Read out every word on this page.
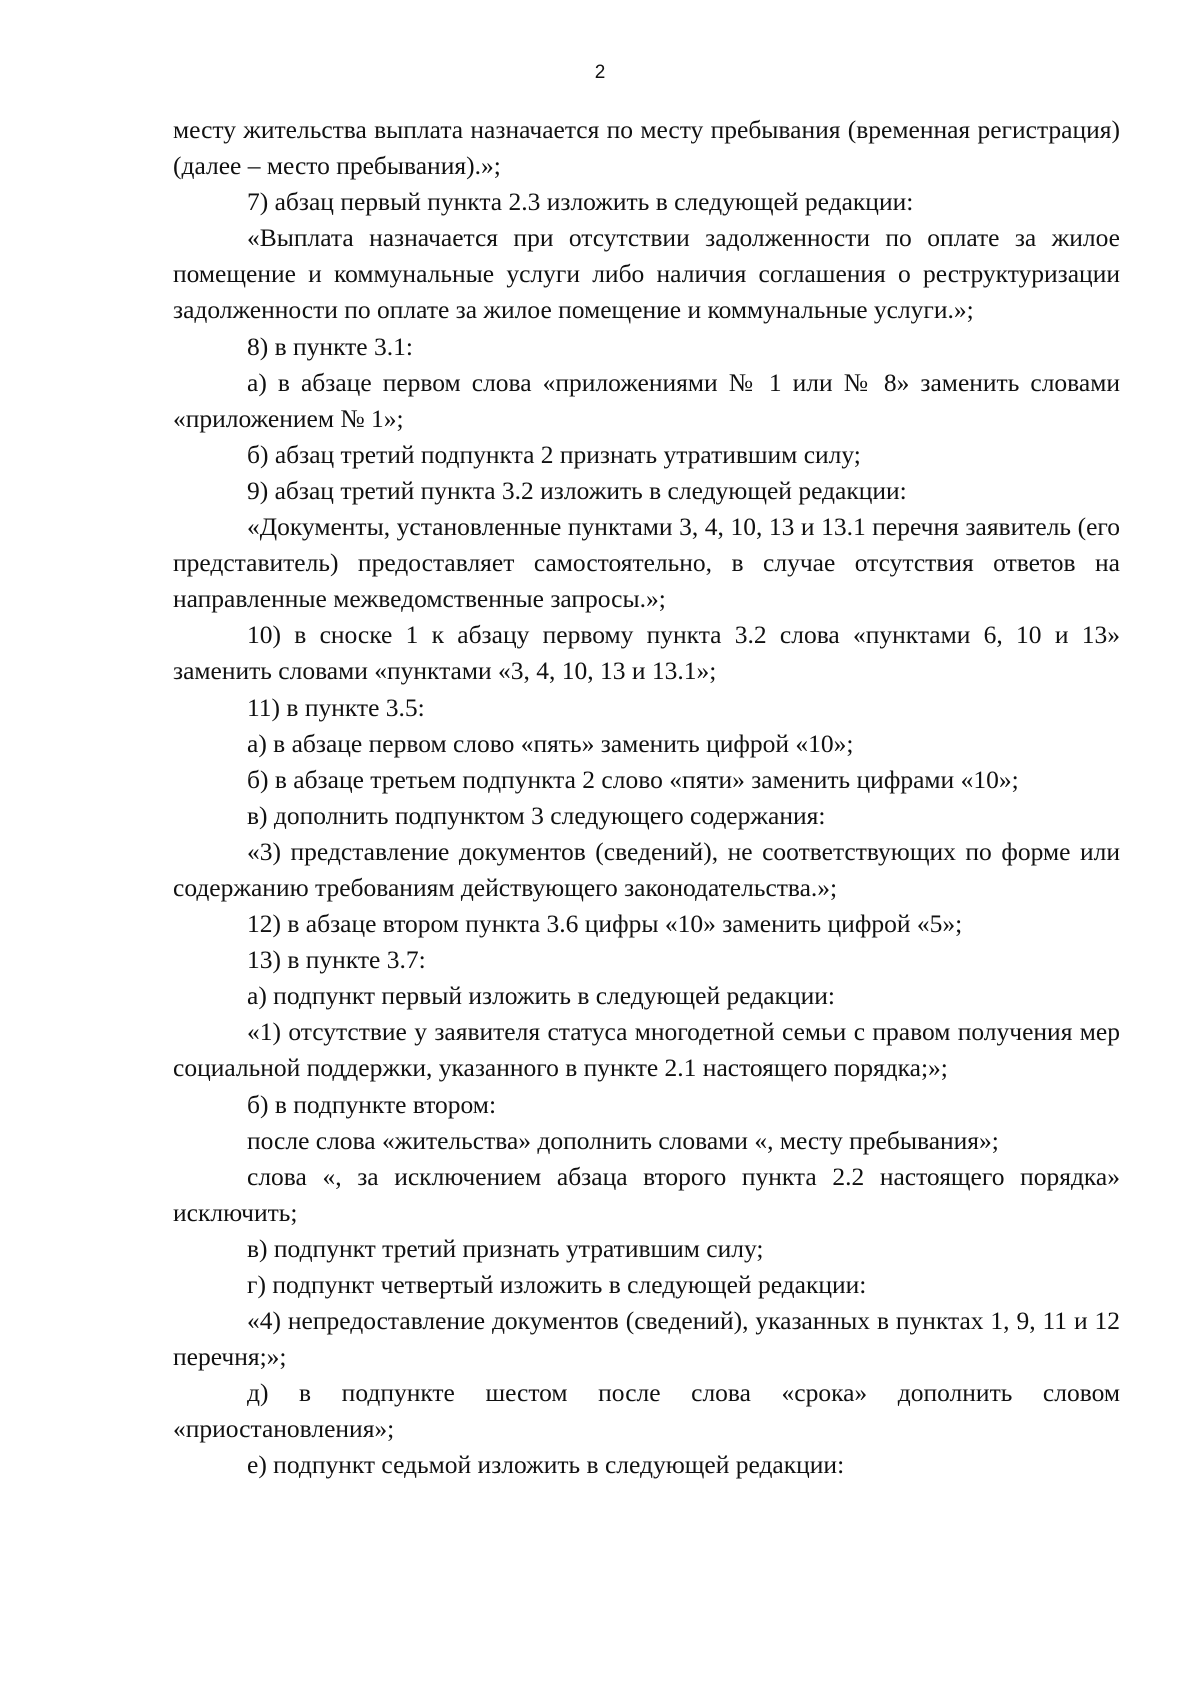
2

месту жительства выплата назначается по месту пребывания (временная регистрация) (далее – место пребывания).»;

7) абзац первый пункта 2.3 изложить в следующей редакции:

«Выплата назначается при отсутствии задолженности по оплате за жилое помещение и коммунальные услуги либо наличия соглашения о реструктуризации задолженности по оплате за жилое помещение и коммунальные услуги.»;

8) в пункте 3.1:

а) в абзаце первом слова «приложениями № 1 или № 8» заменить словами «приложением № 1»;

б) абзац третий подпункта 2 признать утратившим силу;

9) абзац третий пункта 3.2 изложить в следующей редакции:

«Документы, установленные пунктами 3, 4, 10, 13 и 13.1 перечня заявитель (его представитель) предоставляет самостоятельно, в случае отсутствия ответов на направленные межведомственные запросы.»;

10) в сноске 1 к абзацу первому пункта 3.2 слова «пунктами 6, 10 и 13» заменить словами «пунктами «3, 4, 10, 13 и 13.1»;

11) в пункте 3.5:

а) в абзаце первом слово «пять» заменить цифрой «10»;

б) в абзаце третьем подпункта 2 слово «пяти» заменить цифрами «10»;

в) дополнить подпунктом 3 следующего содержания:

«3) представление документов (сведений), не соответствующих по форме или содержанию требованиям действующего законодательства.»;

12) в абзаце втором пункта 3.6 цифры «10» заменить цифрой «5»;

13) в пункте 3.7:

а) подпункт первый изложить в следующей редакции:

«1) отсутствие у заявителя статуса многодетной семьи с правом получения мер социальной поддержки, указанного в пункте 2.1 настоящего порядка;»;

б) в подпункте втором:

после слова «жительства» дополнить словами «, месту пребывания»;

слова «, за исключением абзаца второго пункта 2.2 настоящего порядка» исключить;

в) подпункт третий признать утратившим силу;

г) подпункт четвертый изложить в следующей редакции:

«4) непредоставление документов (сведений), указанных в пунктах 1, 9, 11 и 12 перечня;»;

д) в подпункте шестом после слова «срока» дополнить словом «приостановления»;

е) подпункт седьмой изложить в следующей редакции:
